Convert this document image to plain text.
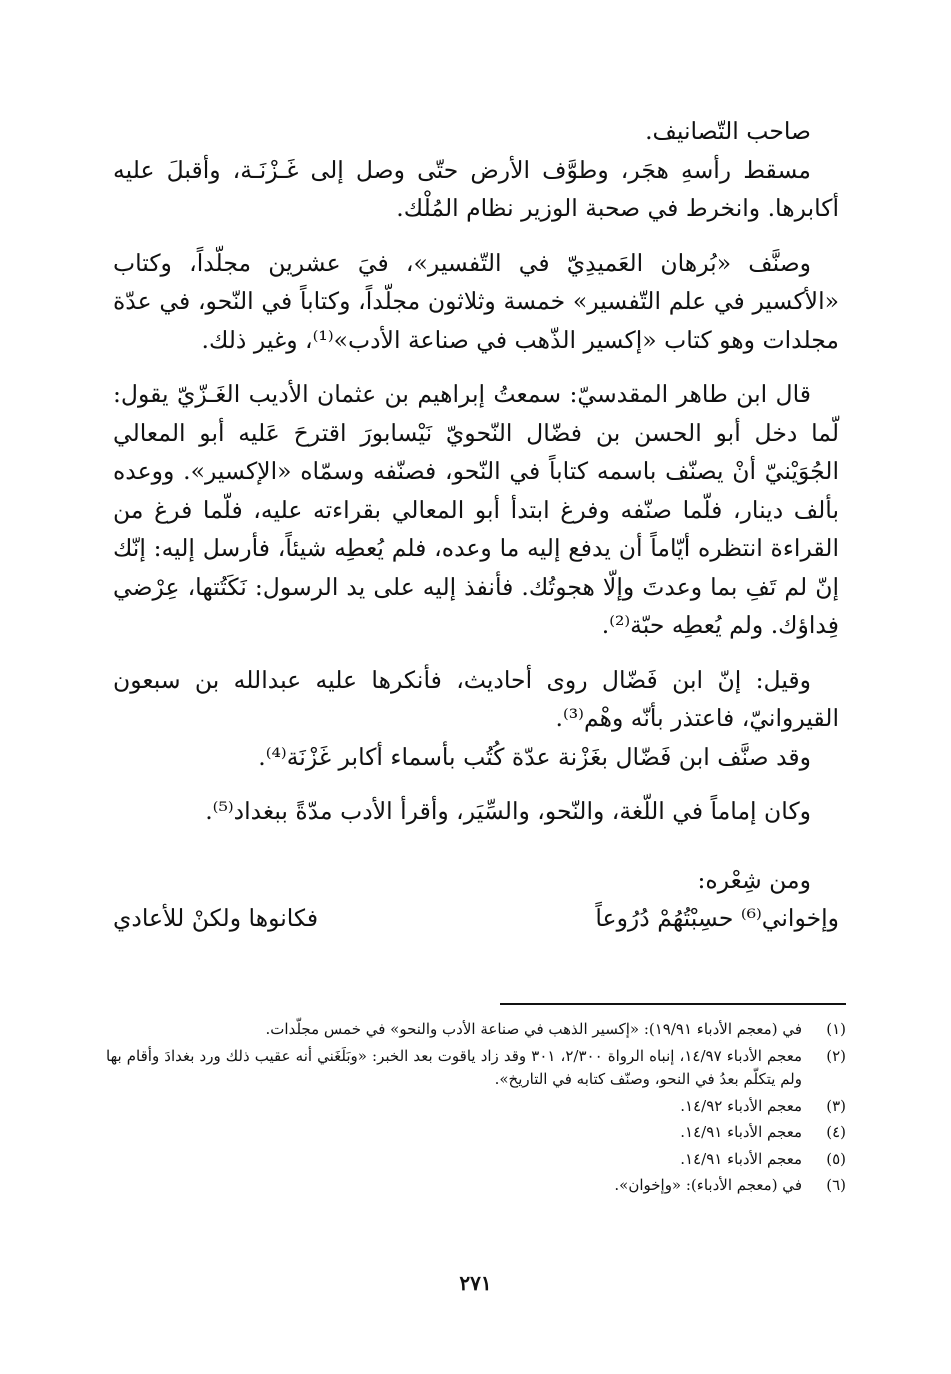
صاحب التّصانيف.

مسقط رأسهِ هجَر، وطوَّف الأرض حتّى وصل إلى غَـزْنَـة، وأقبلَ عليه أكابرها. وانخرط في صحبة الوزير نظام المُلْك.

وصنَّف «بُرهان العَميدِيّ في التّفسير»، فيَ عشرين مجلّداً، وكتاب «الأكسير في علم التّفسير» خمسة وثلاثون مجلّداً، وكتاباً في النّحو، في عدّة مجلدات وهو كتاب «إكسير الذّهب في صناعة الأدب»⁽¹⁾، وغير ذلك.

قال ابن طاهر المقدسيّ: سمعتُ إبراهيم بن عثمان الأديب الغَـزّيّ يقول: لّما دخل أبو الحسن بن فضّال النّحويّ نَيْسابورَ اقترحَ عَليه أبو المعالي الجُوَيْنيّ أنْ يصنّف باسمه كتاباً في النّحو، فصنّفه وسمّاه «الإكسير». ووعده بألف دينار، فلّما صنّفه وفرغ ابتدأ أبو المعالي بقراءته عليه، فلّما فرغ من القراءة انتظره أيّاماً أن يدفع إليه ما وعده، فلم يُعطِه شيئاً، فأرسل إليه: إنّك إنّ لم تَفِ بما وعدتَ وإلّا هجوتُك. فأنفذ إليه على يد الرسول: نَكَتُتها، عِرْضي فِداؤك. ولم يُعطِه حبّة⁽²⁾.

وقيل: إنّ ابن فَضّال روى أحاديث، فأنكرها عليه عبدالله بن سبعون القيروانيّ، فاعتذر بأنّه وهْم⁽³⁾.

وقد صنَّف ابن فَضّال بغَزْنة عدّة كُتُب بأسماء أكابر غَزْنَة⁽⁴⁾.

وكان إماماً في اللّغة، والنّحو، والسِّيَر، وأقرأ الأدب مدّةً ببغداد⁽⁵⁾.

ومن شِعْره:

وإخواني⁽⁶⁾ حسِبْتُهُمْ دُرُوعاً
فكانوها ولكنْ للأعادي
(١)
في (معجم الأدباء ١٩/٩١): «إكسير الذهب في صناعة الأدب والنحو» في خمس مجلّدات.
(٢)
معجم الأدباء ١٤/٩٧، إنباه الرواة ٢/٣٠٠، ٣٠١ وقد زاد ياقوت بعد الخبر: «وبَلَغَني أنه عقيب ذلك ورد بغدادَ وأقام بها ولم يتكلّم بعدُ في النحو، وصنّف كتابه في التاريخ».
(٣)
معجم الأدباء ١٤/٩٢.
(٤)
معجم الأدباء ١٤/٩١.
(٥)
معجم الأدباء ١٤/٩١.
(٦)
في (معجم الأدباء): «وإخوان».
٢٧١
